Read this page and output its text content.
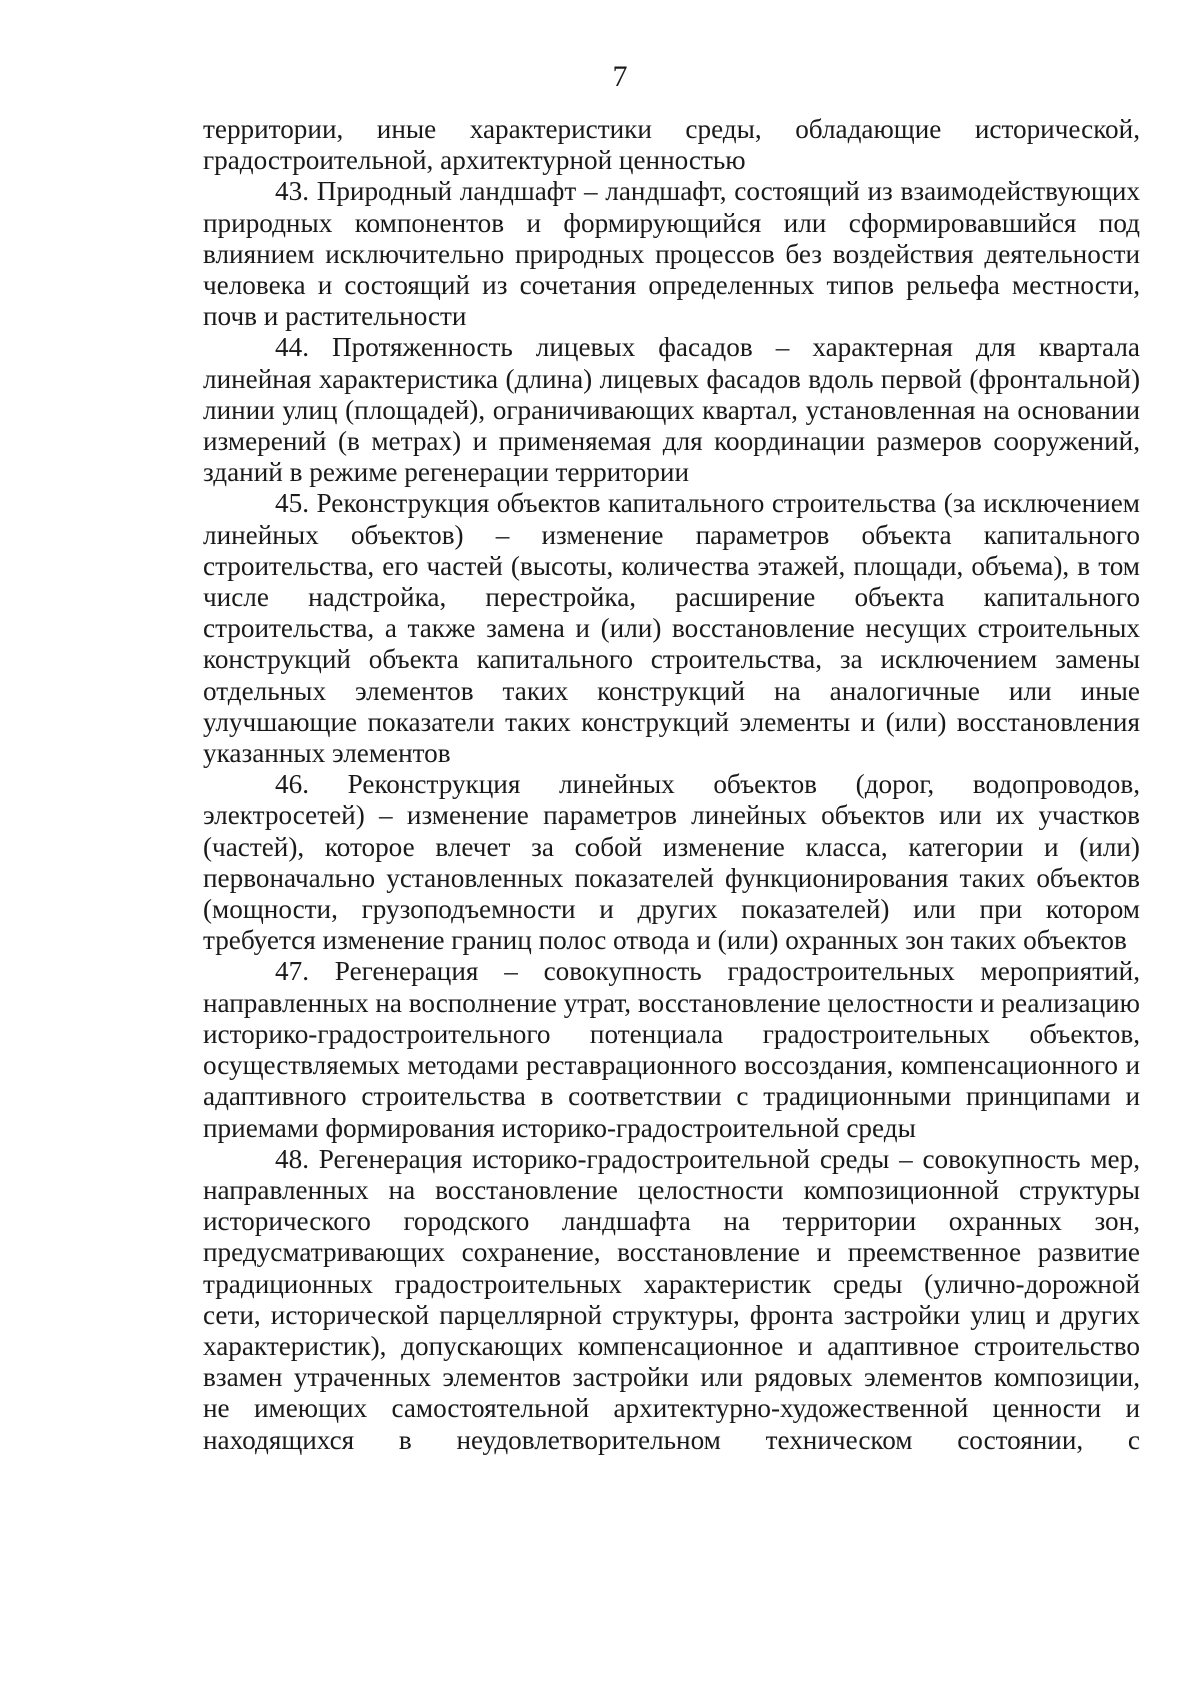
7

территории, иные характеристики среды, обладающие исторической, градостроительной, архитектурной ценностью

43. Природный ландшафт – ландшафт, состоящий из взаимодействующих природных компонентов и формирующийся или сформировавшийся под влиянием исключительно природных процессов без воздействия деятельности человека и состоящий из сочетания определенных типов рельефа местности, почв и растительности

44. Протяженность лицевых фасадов – характерная для квартала линейная характеристика (длина) лицевых фасадов вдоль первой (фронтальной) линии улиц (площадей), ограничивающих квартал, установленная на основании измерений (в метрах) и применяемая для координации размеров сооружений, зданий в режиме регенерации территории

45. Реконструкция объектов капитального строительства (за исключением линейных объектов) – изменение параметров объекта капитального строительства, его частей (высоты, количества этажей, площади, объема), в том числе надстройка, перестройка, расширение объекта капитального строительства, а также замена и (или) восстановление несущих строительных конструкций объекта капитального строительства, за исключением замены отдельных элементов таких конструкций на аналогичные или иные улучшающие показатели таких конструкций элементы и (или) восстановления указанных элементов

46. Реконструкция линейных объектов (дорог, водопроводов, электросетей) – изменение параметров линейных объектов или их участков (частей), которое влечет за собой изменение класса, категории и (или) первоначально установленных показателей функционирования таких объектов (мощности, грузоподъемности и других показателей) или при котором требуется изменение границ полос отвода и (или) охранных зон таких объектов

47. Регенерация – совокупность градостроительных мероприятий, направленных на восполнение утрат, восстановление целостности и реализацию историко-градостроительного потенциала градостроительных объектов, осуществляемых методами реставрационного воссоздания, компенсационного и адаптивного строительства в соответствии с традиционными принципами и приемами формирования историко-градостроительной среды

48. Регенерация историко-градостроительной среды – совокупность мер, направленных на восстановление целостности композиционной структуры исторического городского ландшафта на территории охранных зон, предусматривающих сохранение, восстановление и преемственное развитие традиционных градостроительных характеристик среды (улично-дорожной сети, исторической парцеллярной структуры, фронта застройки улиц и других характеристик), допускающих компенсационное и адаптивное строительство взамен утраченных элементов застройки или рядовых элементов композиции, не имеющих самостоятельной архитектурно-художественной ценности и находящихся в неудовлетворительном техническом состоянии, с
